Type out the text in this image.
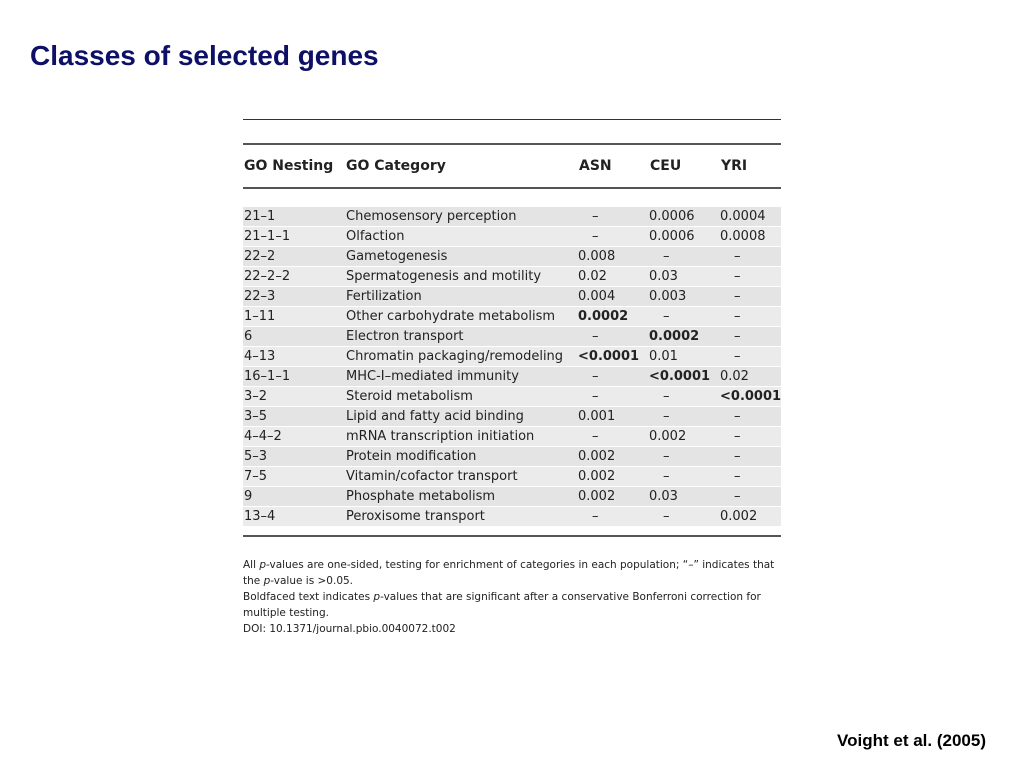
Classes of selected genes
GO Nesting	GO Category	ASN	CEU	YRI

21–1	Chemosensory perception	–	0.0006	0.0004
21–1–1	Olfaction	–	0.0006	0.0008
22–2	Gametogenesis	0.008	–	–
22–2–2	Spermatogenesis and motility	0.02	0.03	–
22–3	Fertilization	0.004	0.003	–
1–11	Other carbohydrate metabolism	0.0002	–	–
6	Electron transport	–	0.0002	–
4–13	Chromatin packaging/remodeling	<0.0001	0.01	–
16–1–1	MHC-I–mediated immunity	–	<0.0001	0.02
3–2	Steroid metabolism	–	–	<0.0001
3–5	Lipid and fatty acid binding	0.001	–	–
4–4–2	mRNA transcription initiation	–	0.002	–
5–3	Protein modification	0.002	–	–
7–5	Vitamin/cofactor transport	0.002	–	–
9	Phosphate metabolism	0.002	0.03	–
13–4	Peroxisome transport	–	–	0.002

All p-values are one-sided, testing for enrichment of categories in each population; “–” indicates that the p-value is >0.05.

Boldfaced text indicates p-values that are significant after a conservative Bonferroni correction for multiple testing.

DOI: 10.1371/journal.pbio.0040072.t002

Voight et al. (2005)
